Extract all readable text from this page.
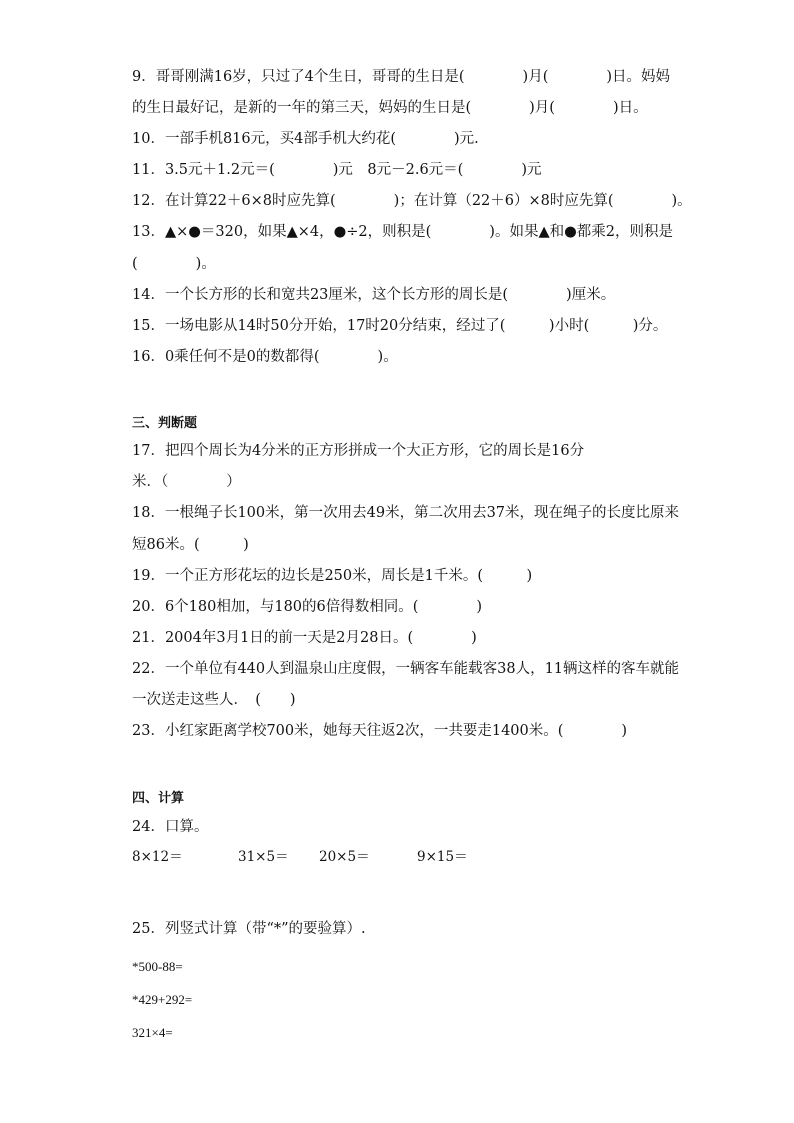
9．哥哥刚满16岁，只过了4个生日，哥哥的生日是(　　　　)月(　　　　)日。妈妈
的生日最好记，是新的一年的第三天，妈妈的生日是(　　　　)月(　　　　)日。
10．一部手机816元，买4部手机大约花(　　　　)元.
11．3.5元＋1.2元＝(　　　　)元　8元－2.6元＝(　　　　)元
12．在计算22＋6×8时应先算(　　　　)；在计算（22＋6）×8时应先算(　　　　)。
13．▲×●＝320，如果▲×4，●÷2，则积是(　　　　)。如果▲和●都乘2，则积是
(　　　　)。
14．一个长方形的长和宽共23厘米，这个长方形的周长是(　　　　)厘米。
15．一场电影从14时50分开始，17时20分结束，经过了(　　　)小时(　　　)分。
16．0乘任何不是0的数都得(　　　　)。
三、判断题
17．把四个周长为4分米的正方形拼成一个大正方形，它的周长是16分
米．（　　　　）
18．一根绳子长100米，第一次用去49米，第二次用去37米，现在绳子的长度比原来
短86米。(　　　)
19．一个正方形花坛的边长是250米，周长是1千米。(　　　)
20．6个180相加，与180的6倍得数相同。(　　　　)
21．2004年3月1日的前一天是2月28日。(　　　　)
22．一个单位有440人到温泉山庄度假，一辆客车能载客38人，11辆这样的客车就能
一次送走这些人．　(　　)
23．小红家距离学校700米，她每天往返2次，一共要走1400米。(　　　　)
四、计算
24．口算。
8×12＝	31×5＝ 20×5＝	9×15＝
25．列竖式计算（带“*”的要验算）.
*500-88=
*429+292=
321×4=
